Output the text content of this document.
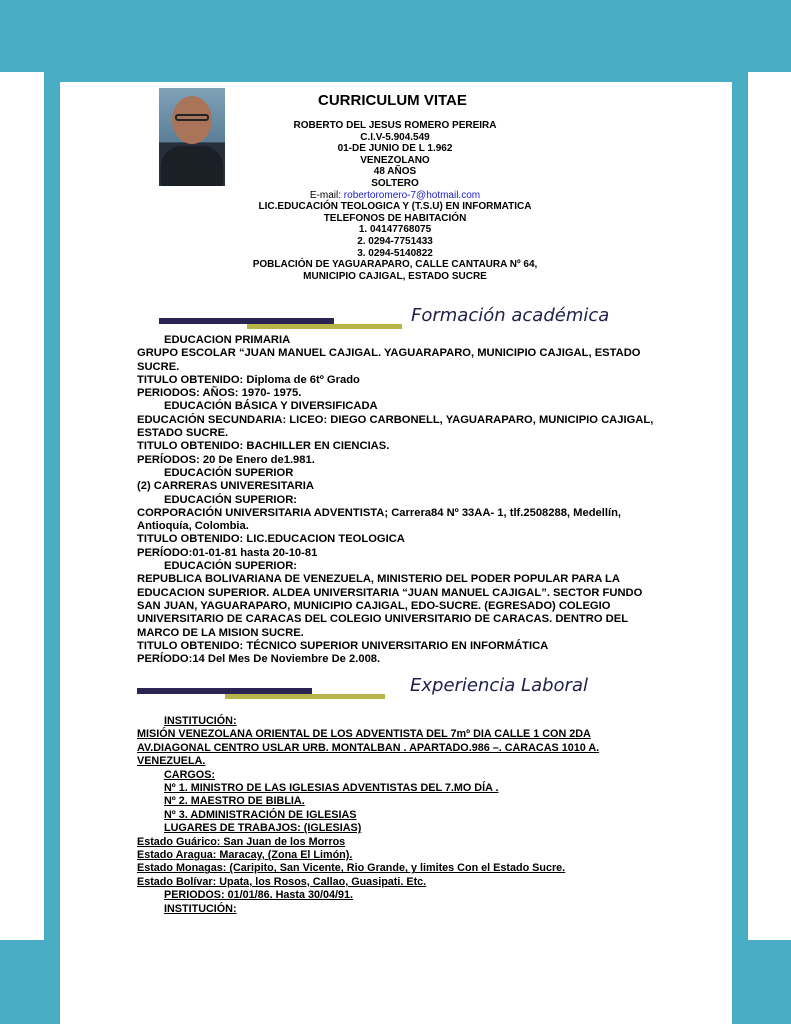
CURRICULUM VITAE
ROBERTO DEL JESUS ROMERO PEREIRA
C.I.V-5.904.549
01-DE JUNIO DE L 1.962
VENEZOLANO
48 AÑOS
SOLTERO
E-mail: robertoromero-7@hotmail.com
LIC.EDUCACIÓN TEOLOGICA Y (T.S.U) EN INFORMATICA
TELEFONOS DE HABITACIÓN
1. 04147768075
2. 0294-7751433
3. 0294-5140822
POBLACIÓN DE YAGUARAPARO, CALLE CANTAURA Nº 64,
MUNICIPIO CAJIGAL, ESTADO SUCRE
Formación académica
EDUCACION PRIMARIA
GRUPO ESCOLAR “JUAN MANUEL CAJIGAL. YAGUARAPARO, MUNICIPIO CAJIGAL, ESTADO
SUCRE.
TITULO OBTENIDO: Diploma de 6tº Grado
PERIODOS: AÑOS: 1970- 1975.
EDUCACIÓN BÁSICA Y DIVERSIFICADA
EDUCACIÓN SECUNDARIA: LICEO: DIEGO CARBONELL, YAGUARAPARO, MUNICIPIO CAJIGAL,
ESTADO SUCRE.
TITULO OBTENIDO: BACHILLER EN CIENCIAS.
PERÍODOS: 20 De Enero de1.981.
EDUCACIÓN SUPERIOR
(2) CARRERAS UNIVERESITARIA
EDUCACIÓN SUPERIOR:
CORPORACIÓN UNIVERSITARIA ADVENTISTA; Carrera84 Nº 33AA- 1, tlf.2508288, Medellín,
Antioquía, Colombia.
TITULO OBTENIDO: LIC.EDUCACION TEOLOGICA
PERÍODO:01-01-81 hasta 20-10-81
EDUCACIÓN SUPERIOR:
REPUBLICA BOLIVARIANA DE VENEZUELA, MINISTERIO DEL PODER POPULAR PARA LA
EDUCACION SUPERIOR. ALDEA UNIVERSITARIA “JUAN MANUEL CAJIGAL”. SECTOR FUNDO
SAN JUAN, YAGUARAPARO, MUNICIPIO CAJIGAL, EDO-SUCRE. (EGRESADO) COLEGIO
UNIVERSITARIO DE CARACAS DEL COLEGIO UNIVERSITARIO DE CARACAS. DENTRO DEL
MARCO DE LA MISION SUCRE.
TITULO OBTENIDO: TÉCNICO SUPERIOR UNIVERSITARIO EN INFORMÁTICA
PERÍODO:14 Del Mes De Noviembre De 2.008.
Experiencia Laboral
INSTITUCIÓN:
MISIÓN VENEZOLANA ORIENTAL DE LOS ADVENTISTA DEL 7mº DIA CALLE 1 CON 2DA
AV.DIAGONAL CENTRO USLAR URB. MONTALBAN . APARTADO.986 –. CARACAS 1010 A.
VENEZUELA.
CARGOS:
Nº 1. MINISTRO DE LAS IGLESIAS ADVENTISTAS DEL 7.MO DÍA .
Nº 2. MAESTRO DE BIBLIA.
Nº 3. ADMINISTRACIÓN DE IGLESIAS
LUGARES DE TRABAJOS: (IGLESIAS)
Estado Guárico: San Juan de los Morros
Estado Aragua: Maracay, (Zona El Limón).
Estado Monagas: (Caripito, San Vicente, Rio Grande, y limites Con el Estado Sucre.
Estado Bolívar: Upata, los Rosos, Callao, Guasipati. Etc.
PERIODOS: 01/01/86. Hasta 30/04/91.
INSTITUCIÓN:
